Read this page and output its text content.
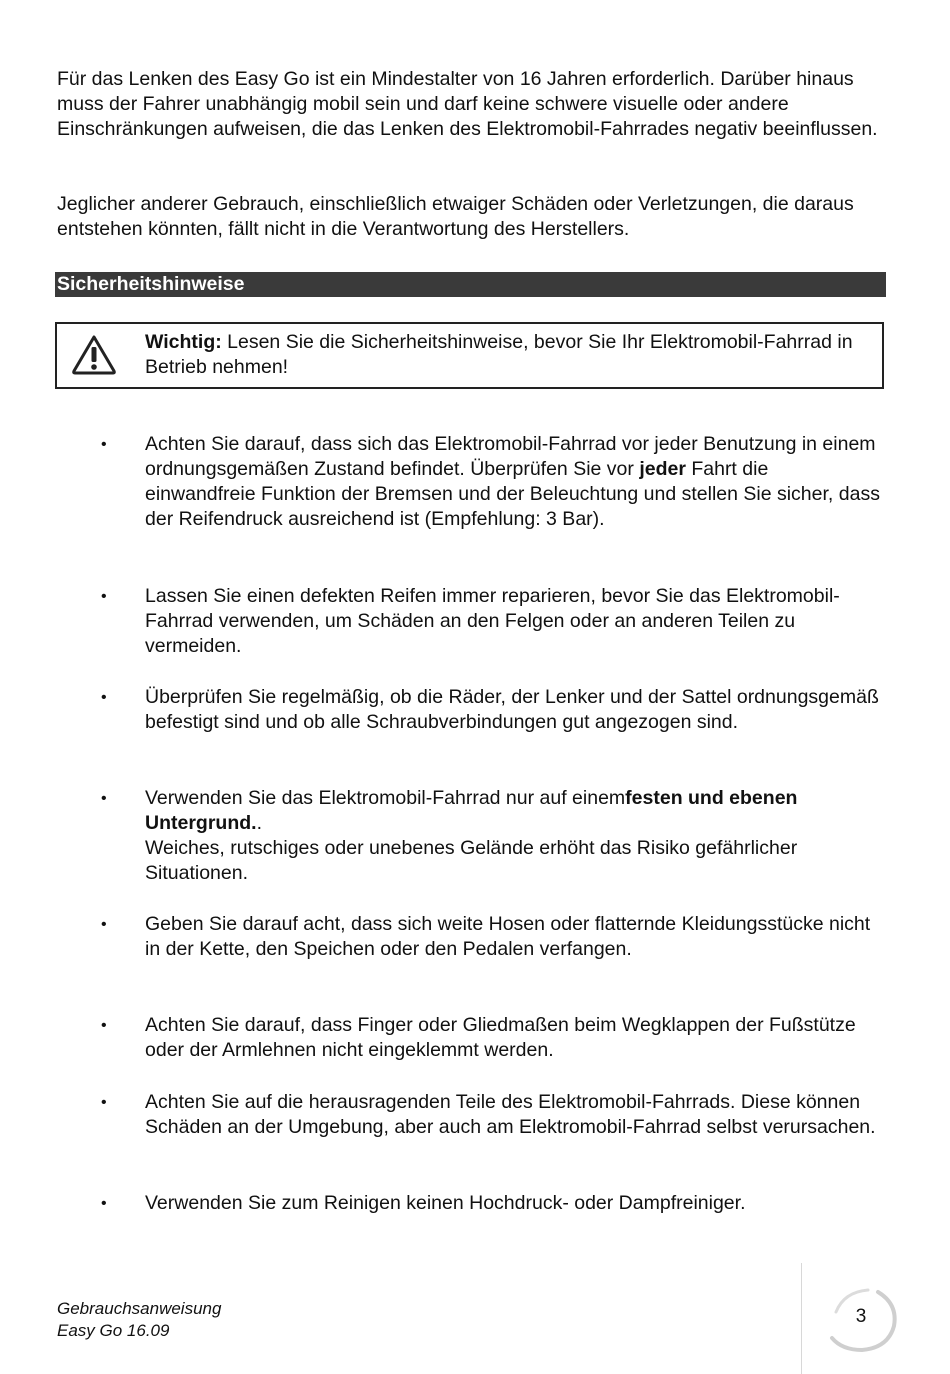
Für das Lenken des Easy Go ist ein Mindestalter von 16 Jahren erforderlich. Darüber hinaus muss der Fahrer unabhängig mobil sein und darf keine schwere visuelle oder andere Einschränkungen aufweisen, die das Lenken des Elektromobil-Fahrrades negativ beeinflussen.

Jeglicher anderer Gebrauch, einschließlich etwaiger Schäden oder Verletzungen, die daraus entstehen könnten, fällt nicht in die Verantwortung des Herstellers.

Sicherheitshinweise

Wichtig: Lesen Sie die Sicherheitshinweise, bevor Sie Ihr Elektromobil-Fahrrad in Betrieb nehmen!

• Achten Sie darauf, dass sich das Elektromobil-Fahrrad vor jeder Benutzung in einem ordnungsgemäßen Zustand befindet. Überprüfen Sie vor jeder Fahrt die einwandfreie Funktion der Bremsen und der Beleuchtung und stellen Sie sicher, dass der Reifendruck ausreichend ist (Empfehlung: 3 Bar).

• Lassen Sie einen defekten Reifen immer reparieren, bevor Sie das Elektromobil-Fahrrad verwenden, um Schäden an den Felgen oder an anderen Teilen zu vermeiden.

• Überprüfen Sie regelmäßig, ob die Räder, der Lenker und der Sattel ordnungsgemäß befestigt sind und ob alle Schraubverbindungen gut angezogen sind.

• Verwenden Sie das Elektromobil-Fahrrad nur auf einemfesten und ebenen Untergrund..
Weiches, rutschiges oder unebenes Gelände erhöht das Risiko gefährlicher Situationen.

• Geben Sie darauf acht, dass sich weite Hosen oder flatternde Kleidungsstücke nicht in der Kette, den Speichen oder den Pedalen verfangen.

• Achten Sie darauf, dass Finger oder Gliedmaßen beim Wegklappen der Fußstütze oder der Armlehnen nicht eingeklemmt werden.

• Achten Sie auf die herausragenden Teile des Elektromobil-Fahrrads. Diese können Schäden an der Umgebung, aber auch am Elektromobil-Fahrrad selbst verursachen.

• Verwenden Sie zum Reinigen keinen Hochdruck- oder Dampfreiniger.

Gebrauchsanweisung
Easy Go 16.09
3
